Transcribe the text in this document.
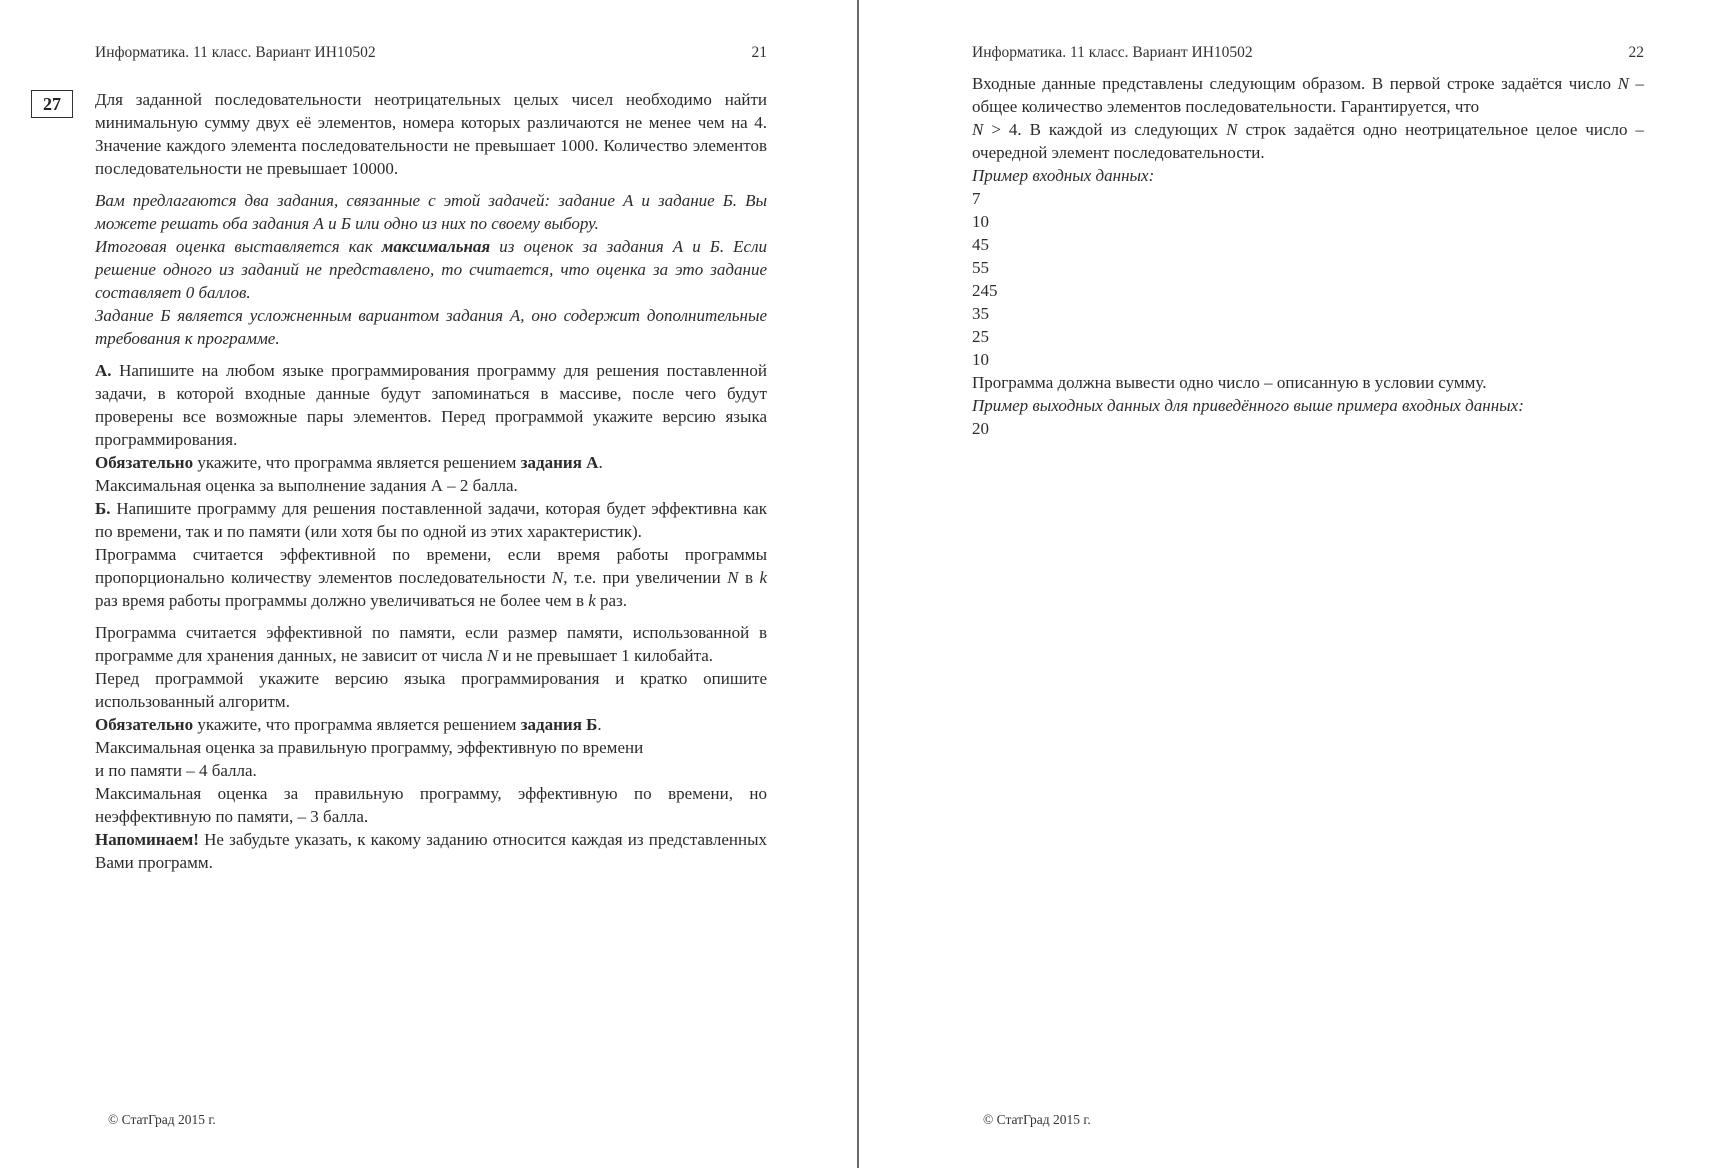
Информатика. 11 класс. Вариант ИН10502	21
27	Для заданной последовательности неотрицательных целых чисел необходимо найти минимальную сумму двух её элементов, номера которых различаются не менее чем на 4. Значение каждого элемента последовательности не превышает 1000. Количество элементов последовательности не превышает 10000.

Вам предлагаются два задания, связанные с этой задачей: задание А и задание Б. Вы можете решать оба задания А и Б или одно из них по своему выбору.

Итоговая оценка выставляется как максимальная из оценок за задания А и Б. Если решение одного из заданий не представлено, то считается, что оценка за это задание составляет 0 баллов.

Задание Б является усложненным вариантом задания А, оно содержит дополнительные требования к программе.

А. Напишите на любом языке программирования программу для решения поставленной задачи, в которой входные данные будут запоминаться в массиве, после чего будут проверены все возможные пары элементов. Перед программой укажите версию языка программирования.

Обязательно укажите, что программа является решением задания А.

Максимальная оценка за выполнение задания А – 2 балла.

Б. Напишите программу для решения поставленной задачи, которая будет эффективна как по времени, так и по памяти (или хотя бы по одной из этих характеристик).

Программа считается эффективной по времени, если время работы программы пропорционально количеству элементов последовательности N, т.е. при увеличении N в k раз время работы программы должно увеличиваться не более чем в k раз.

Программа считается эффективной по памяти, если размер памяти, использованной в программе для хранения данных, не зависит от числа N и не превышает 1 килобайта.

Перед программой укажите версию языка программирования и кратко опишите использованный алгоритм.

Обязательно укажите, что программа является решением задания Б.

Максимальная оценка за правильную программу, эффективную по времени
и по памяти – 4 балла.

Максимальная оценка за правильную программу, эффективную по времени, но неэффективную по памяти, – 3 балла.

Напоминаем! Не забудьте указать, к какому заданию относится каждая из представленных Вами программ.

© СтатГрад 2015 г.
Информатика. 11 класс. Вариант ИН10502	22

Входные данные представлены следующим образом. В первой строке задаётся число N – общее количество элементов последовательности. Гарантируется, что
N > 4. В каждой из следующих N строк задаётся одно неотрицательное целое число – очередной элемент последовательности.

Пример входных данных:

7
10
45
55
245
35
25
10

Программа должна вывести одно число – описанную в условии сумму.

Пример выходных данных для приведённого выше примера входных данных:

20

© СтатГрад 2015 г.
